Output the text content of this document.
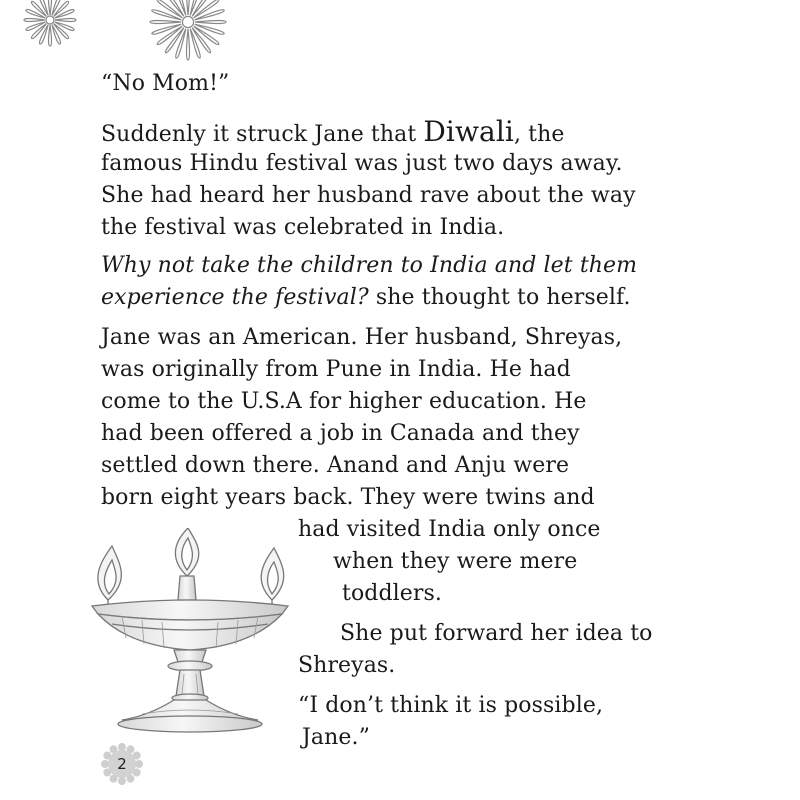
“No Mom!”
Suddenly it struck Jane that Diwali, the
famous Hindu festival was just two days away.
She had heard her husband rave about the way
the festival was celebrated in India.
Why not take the children to India and let them
experience the festival? she thought to herself.
Jane was an American. Her husband, Shreyas,
was originally from Pune in India. He had
come to the U.S.A for higher education. He
had been offered a job in Canada and they
settled down there. Anand and Anju were
born eight years back. They were twins and
had visited India only once
when they were mere
toddlers.
She put forward her idea to
Shreyas.
“I don’t think it is possible,
Jane.”
2
